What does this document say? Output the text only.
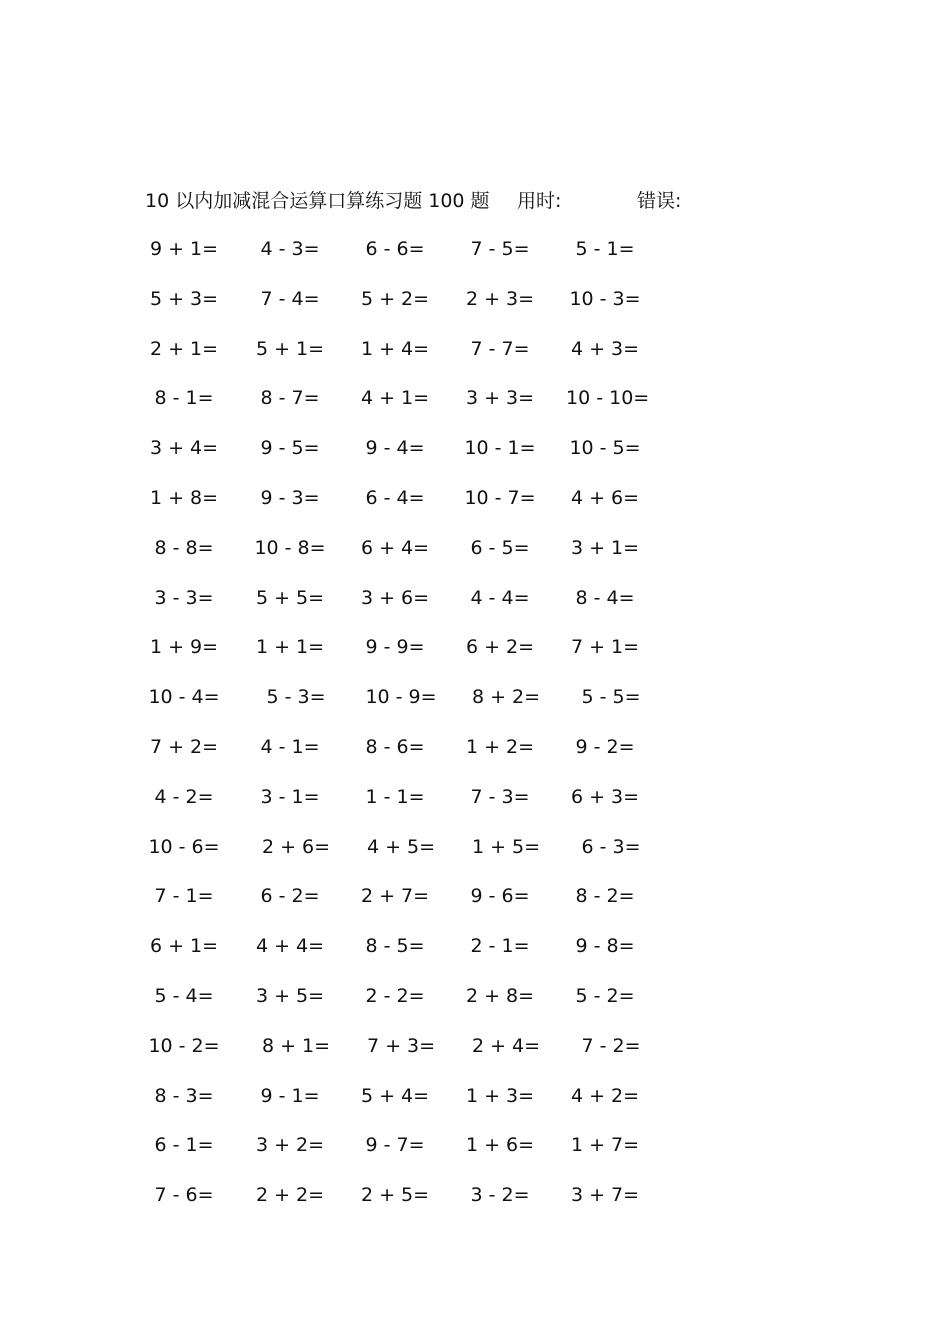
10 以内加减混合运算口算练习题 100 题 用时:	错误:
9 + 1=	4 - 3=	6 - 6=	7 - 5=	5 - 1=
5 + 3=	7 - 4=	5 + 2= 2 + 3= 10 - 3=
2 + 1= 5 + 1= 1 + 4=	7 - 7=	4 + 3=
8 - 1=	8 - 7=	4 + 1= 3 + 3= 10 - 10=
3 + 4=	9 - 5=	9 - 4=	10 - 1= 10 - 5=
1 + 8=	9 - 3=	6 - 4=	10 - 7= 4 + 6=
8 - 8=	10 - 8= 6 + 4=	6 - 5=	3 + 1=
3 - 3=	5 + 5= 3 + 6=	4 - 4=	8 - 4=
1 + 9= 1 + 1=	9 - 9=	6 + 2= 7 + 1=
10 - 4=	5 - 3=	10 - 9= 8 + 2=	5 - 5=
7 + 2=	4 - 1=	8 - 6=	1 + 2=	9 - 2=
4 - 2=	3 - 1=	1 - 1=	7 - 3=	6 + 3=
10 - 6= 2 + 6= 4 + 5= 1 + 5=	6 - 3=
7 - 1=	6 - 2=	2 + 7=	9 - 6=	8 - 2=
6 + 1= 4 + 4=	8 - 5=	2 - 1=	9 - 8=
5 - 4=	3 + 5=	2 - 2=	2 + 8=	5 - 2=
10 - 2= 8 + 1= 7 + 3= 2 + 4=	7 - 2=
8 - 3=	9 - 1=	5 + 4= 1 + 3= 4 + 2=
6 - 1=	3 + 2=	9 - 7=	1 + 6= 1 + 7=
7 - 6=	2 + 2= 2 + 5=	3 - 2=	3 + 7=
